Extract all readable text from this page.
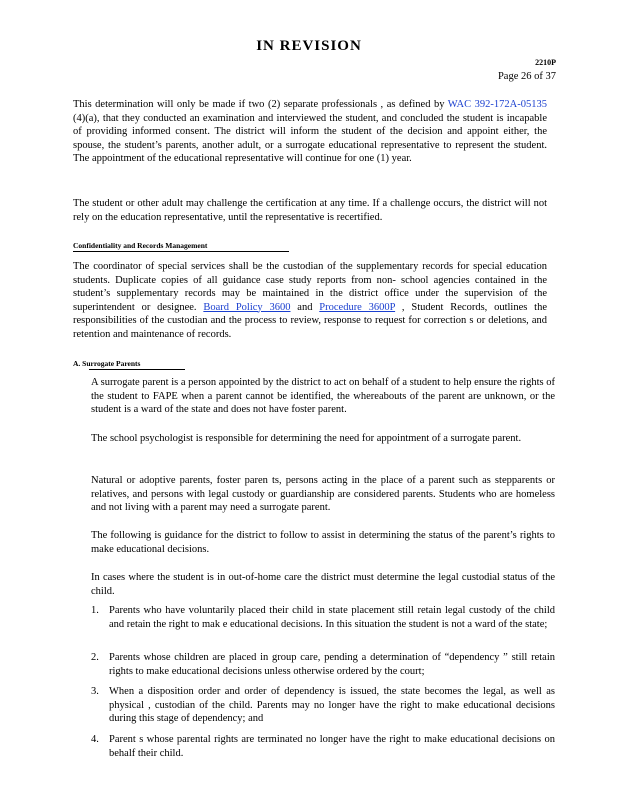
IN REVISION
2210P
Page 26 of 37
This determination will only be made if two (2) separate professionals , as defined by WAC 392-172A-05135 (4)(a), that they conducted an examination and interviewed the student, and concluded the student is incapable of providing informed consent. The district will inform the student of the decision and appoint either, the spouse, the student’s parents, another adult, or a surrogate educational representative to represent the student. The appointment of the educational representative will continue for one (1) year.
The student or other adult may challenge the certification at any time. If a challenge occurs, the district will not rely on the education representative, until the representative is recertified.
Confidentiality and Records Management
The coordinator of special services shall be the custodian of the supplementary records for special education students. Duplicate copies of all guidance case study reports from non- school agencies contained in the student’s supplementary records may be maintained in the district office under the supervision of the superintendent or designee. Board Policy 3600 and Procedure 3600P , Student Records, outlines the responsibilities of the custodian and the process to review, response to request for correction s or deletions, and retention and maintenance of records.
A. Surrogate Parents
A surrogate parent is a person appointed by the district to act on behalf of a student to help ensure the rights of the student to FAPE when a parent cannot be identified, the whereabouts of the parent are unknown, or the student is a ward of the state and does not have foster parent.
The school psychologist is responsible for determining the need for appointment of a surrogate parent.
Natural or adoptive parents, foster paren ts, persons acting in the place of a parent such as stepparents or relatives, and persons with legal custody or guardianship are considered parents. Students who are homeless and not living with a parent may need a surrogate parent.
The following is guidance for the district to follow to assist in determining the status of the parent’s rights to make educational decisions.
In cases where the student is in out-of-home care the district must determine the legal custodial status of the child.
1. Parents who have voluntarily placed their child in state placement still retain legal custody of the child and retain the right to mak e educational decisions. In this situation the student is not a ward of the state;
2. Parents whose children are placed in group care, pending a determination of “dependency ” still retain rights to make educational decisions unless otherwise ordered by the court;
3. When a disposition order and order of dependency is issued, the state becomes the legal, as well as physical , custodian of the child. Parents may no longer have the right to make educational decisions during this stage of dependency; and
4. Parent s whose parental rights are terminated no longer have the right to make educational decisions on behalf their child.
